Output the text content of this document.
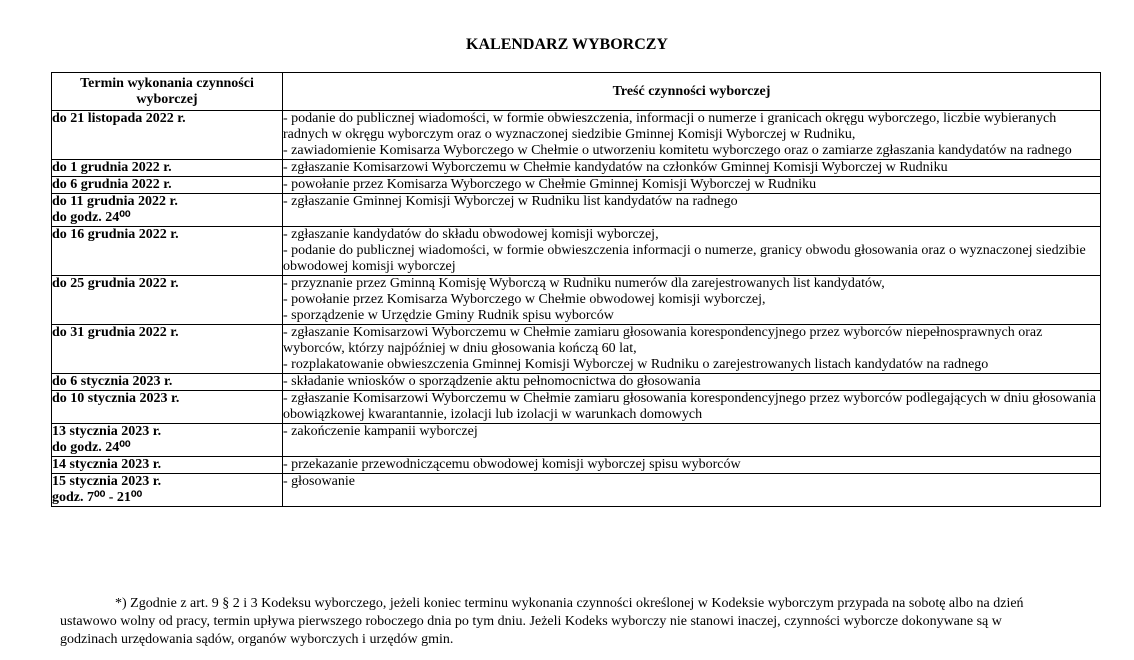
KALENDARZ WYBORCZY
Termin wykonania czynności wyborczej	Treść czynności wyborczej

do 21 listopada 2022 r.	- podanie do publicznej wiadomości, w formie obwieszczenia, informacji o numerze i granicach okręgu wyborczego, liczbie wybieranych radnych w okręgu wyborczym oraz o wyznaczonej siedzibie Gminnej Komisji Wyborczej w Rudniku,
- zawiadomienie Komisarza Wyborczego w Chełmie o utworzeniu komitetu wyborczego oraz o zamiarze zgłaszania kandydatów na radnego

do 1 grudnia 2022 r.	- zgłaszanie Komisarzowi Wyborczemu w Chełmie kandydatów na członków Gminnej Komisji Wyborczej w Rudniku

do 6 grudnia 2022 r.	- powołanie przez Komisarza Wyborczego w Chełmie Gminnej Komisji Wyborczej w Rudniku

do 11 grudnia 2022 r.
do godz. 24⁰⁰	- zgłaszanie Gminnej Komisji Wyborczej w Rudniku list kandydatów na radnego

do 16 grudnia 2022 r.	- zgłaszanie kandydatów do składu obwodowej komisji wyborczej,
- podanie do publicznej wiadomości, w formie obwieszczenia informacji o numerze, granicy obwodu głosowania oraz o wyznaczonej siedzibie obwodowej komisji wyborczej

do 25 grudnia 2022 r.	- przyznanie przez Gminną Komisję Wyborczą w Rudniku numerów dla zarejestrowanych list kandydatów,
- powołanie przez Komisarza Wyborczego w Chełmie obwodowej komisji wyborczej,
- sporządzenie w Urzędzie Gminy Rudnik spisu wyborców

do 31 grudnia 2022 r.	- zgłaszanie Komisarzowi Wyborczemu w Chełmie zamiaru głosowania korespondencyjnego przez wyborców niepełnosprawnych oraz wyborców, którzy najpóźniej w dniu głosowania kończą 60 lat,
- rozplakatowanie obwieszczenia Gminnej Komisji Wyborczej w Rudniku o zarejestrowanych listach kandydatów na radnego

do 6 stycznia 2023 r.	- składanie wniosków o sporządzenie aktu pełnomocnictwa do głosowania

do 10 stycznia 2023 r.	- zgłaszanie Komisarzowi Wyborczemu w Chełmie zamiaru głosowania korespondencyjnego przez wyborców podlegających w dniu głosowania obowiązkowej kwarantannie, izolacji lub izolacji w warunkach domowych

13 stycznia 2023 r.
do godz. 24⁰⁰	- zakończenie kampanii wyborczej

14 stycznia 2023 r.	- przekazanie przewodniczącemu obwodowej komisji wyborczej spisu wyborców

15 stycznia 2023 r.
godz. 7⁰⁰ - 21⁰⁰	- głosowanie
*) Zgodnie z art. 9 § 2 i 3 Kodeksu wyborczego, jeżeli koniec terminu wykonania czynności określonej w Kodeksie wyborczym przypada na sobotę albo na dzień ustawowo wolny od pracy, termin upływa pierwszego roboczego dnia po tym dniu. Jeżeli Kodeks wyborczy nie stanowi inaczej, czynności wyborcze dokonywane są w godzinach urzędowania sądów, organów wyborczych i urzędów gmin.
